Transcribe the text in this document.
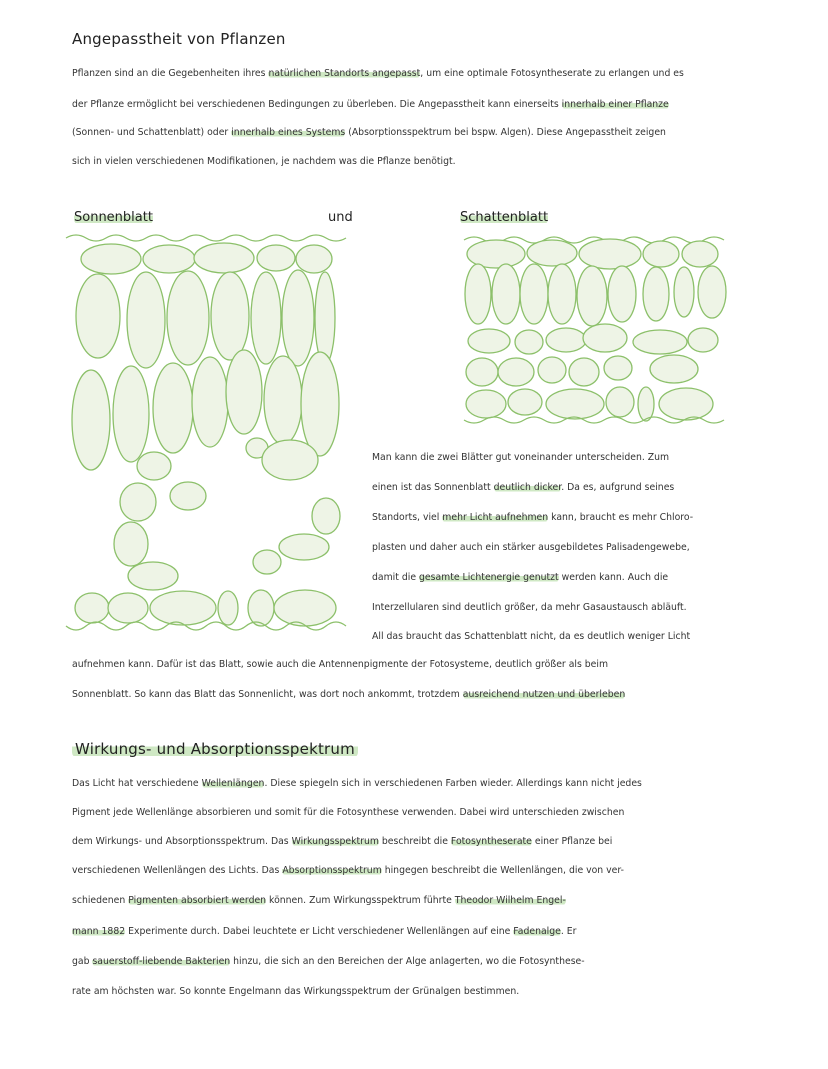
Angepasstheit von Pflanzen
Pflanzen sind an die Gegebenheiten ihres natürlichen Standorts angepasst, um eine optimale Fotosyntheserate zu erlangen und es
der Pflanze ermöglicht bei verschiedenen Bedingungen zu überleben. Die Angepasstheit kann einerseits innerhalb einer Pflanze
(Sonnen- und Schattenblatt) oder innerhalb eines Systems (Absorptionsspektrum bei bspw. Algen). Diese Angepasstheit zeigen
sich in vielen verschiedenen Modifikationen, je nachdem was die Pflanze benötigt.
Sonnenblatt	und	Schattenblatt
Man kann die zwei Blätter gut voneinander unterscheiden. Zum
einen ist das Sonnenblatt deutlich dicker. Da es, aufgrund seines
Standorts, viel mehr Licht aufnehmen kann, braucht es mehr Chloro-
plasten und daher auch ein stärker ausgebildetes Palisadengewebe,
damit die gesamte Lichtenergie genutzt werden kann. Auch die
Interzellularen sind deutlich größer, da mehr Gasaustausch abläuft.
All das braucht das Schattenblatt nicht, da es deutlich weniger Licht
aufnehmen kann. Dafür ist das Blatt, sowie auch die Antennenpigmente der Fotosysteme, deutlich größer als beim
Sonnenblatt. So kann das Blatt das Sonnenlicht, was dort noch ankommt, trotzdem ausreichend nutzen und überleben
Wirkungs- und Absorptionsspektrum
Das Licht hat verschiedene Wellenlängen. Diese spiegeln sich in verschiedenen Farben wieder. Allerdings kann nicht jedes
Pigment jede Wellenlänge absorbieren und somit für die Fotosynthese verwenden. Dabei wird unterschieden zwischen
dem Wirkungs- und Absorptionsspektrum. Das Wirkungsspektrum beschreibt die Fotosyntheserate einer Pflanze bei
verschiedenen Wellenlängen des Lichts. Das Absorptionsspektrum hingegen beschreibt die Wellenlängen, die von ver-
schiedenen Pigmenten absorbiert werden können. Zum Wirkungsspektrum führte Theodor Wilhelm Engel-
mann 1882 Experimente durch. Dabei leuchtete er Licht verschiedener Wellenlängen auf eine Fadenalge. Er
gab sauerstoff-liebende Bakterien hinzu, die sich an den Bereichen der Alge anlagerten, wo die Fotosynthese-
rate am höchsten war. So konnte Engelmann das Wirkungsspektrum der Grünalgen bestimmen.
